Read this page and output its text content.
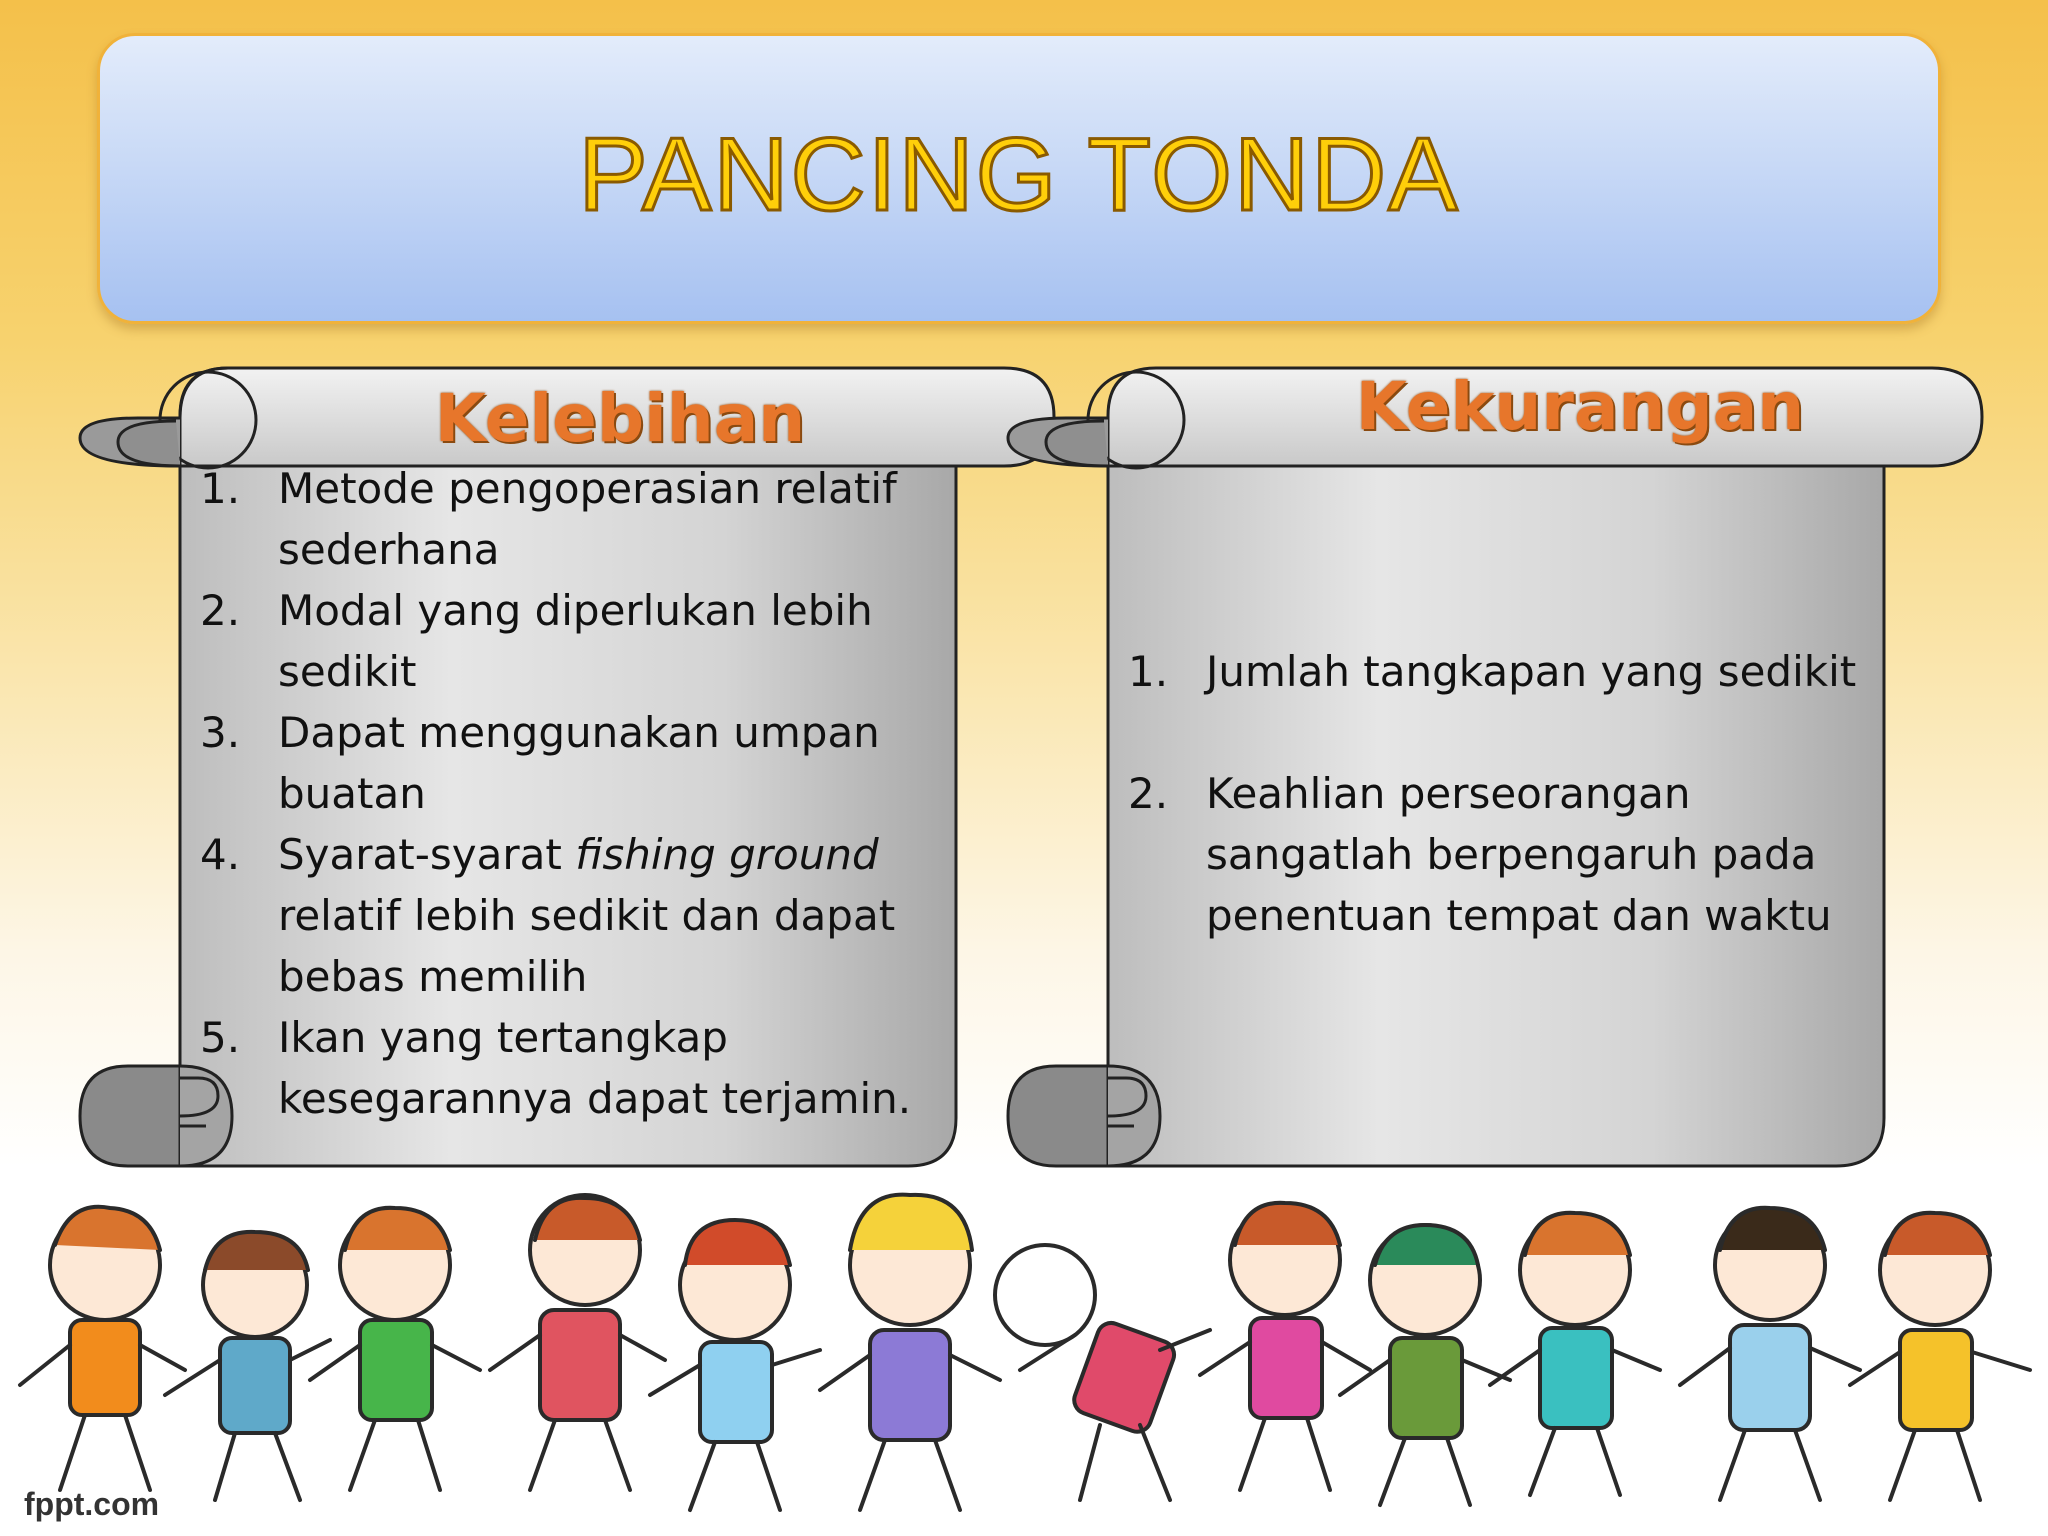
PANCING TONDA
Kelebihan	Kekurangan
1. Metode pengoperasian relatif sederhana
2. Modal yang diperlukan lebih sedikit
3. Dapat menggunakan umpan buatan
4. Syarat-syarat fishing ground relatif lebih sedikit dan dapat bebas memilih
5. Ikan yang tertangkap kesegarannya dapat terjamin.
1. Jumlah tangkapan yang sedikit
2. Keahlian perseorangan sangatlah berpengaruh pada penentuan tempat dan waktu
fppt.com
